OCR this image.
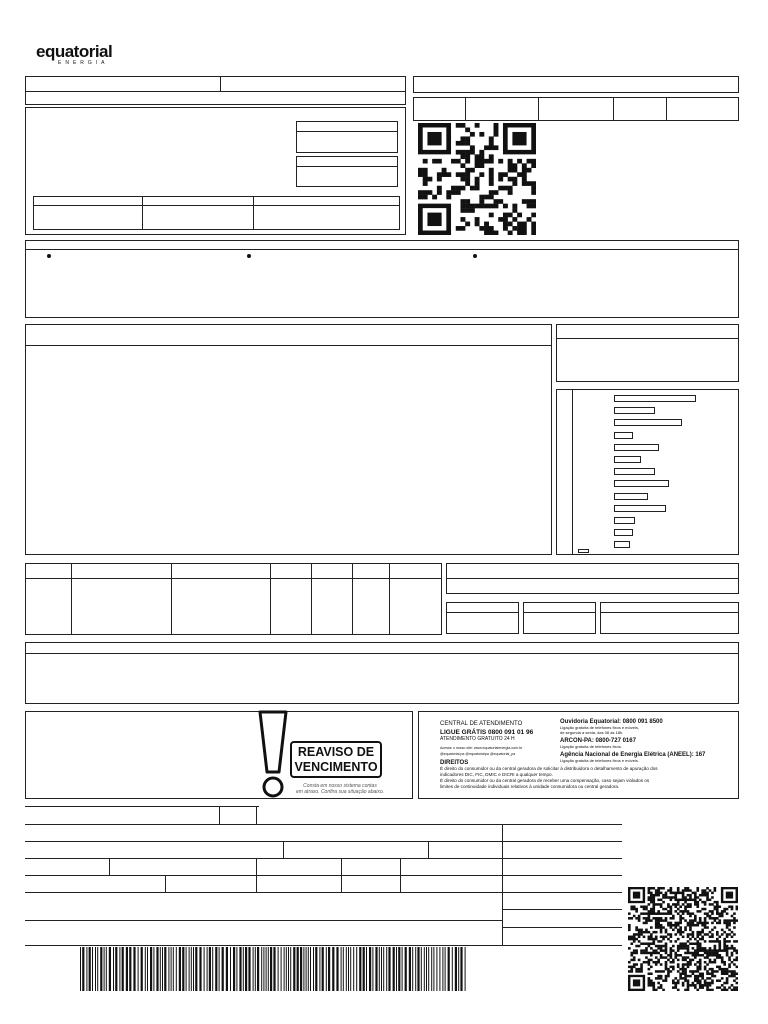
equatorial
ENERGIA
REAVISO DE
VENCIMENTO
Consta em nosso sistema contas
em atraso. Confira sua situação abaixo.
CENTRAL DE ATENDIMENTO
LIGUE GRÁTIS 0800 091 01 96
ATENDIMENTO GRATUITO 24 H
Acesse o nosso site: www.equatorialenergia.com.br
@equatorial.pa @equatorialpa @equatorial_pa
Ouvidoria Equatorial: 0800 091 8500
Ligação gratuita de telefones fixos e móveis,
de segunda a sexta, das 08 às 18h.
ARCON-PA: 0800-727 0167
Ligação gratuita de telefones fixos.
Agência Nacional de Energia Elétrica (ANEEL): 167
Ligação gratuita de telefones fixos e móveis.
DIREITOS
É direito do consumidor ou da central geradora de solicitar à distribuidora o detalhamento de apuração dos
indicadores DIC, FIC, DMIC e DICRI a qualquer tempo.
É direito do consumidor ou da central geradora de receber uma compensação, caso sejam violados os
limites de continuidade individuais relativos à unidade consumidora ou central geradora.
